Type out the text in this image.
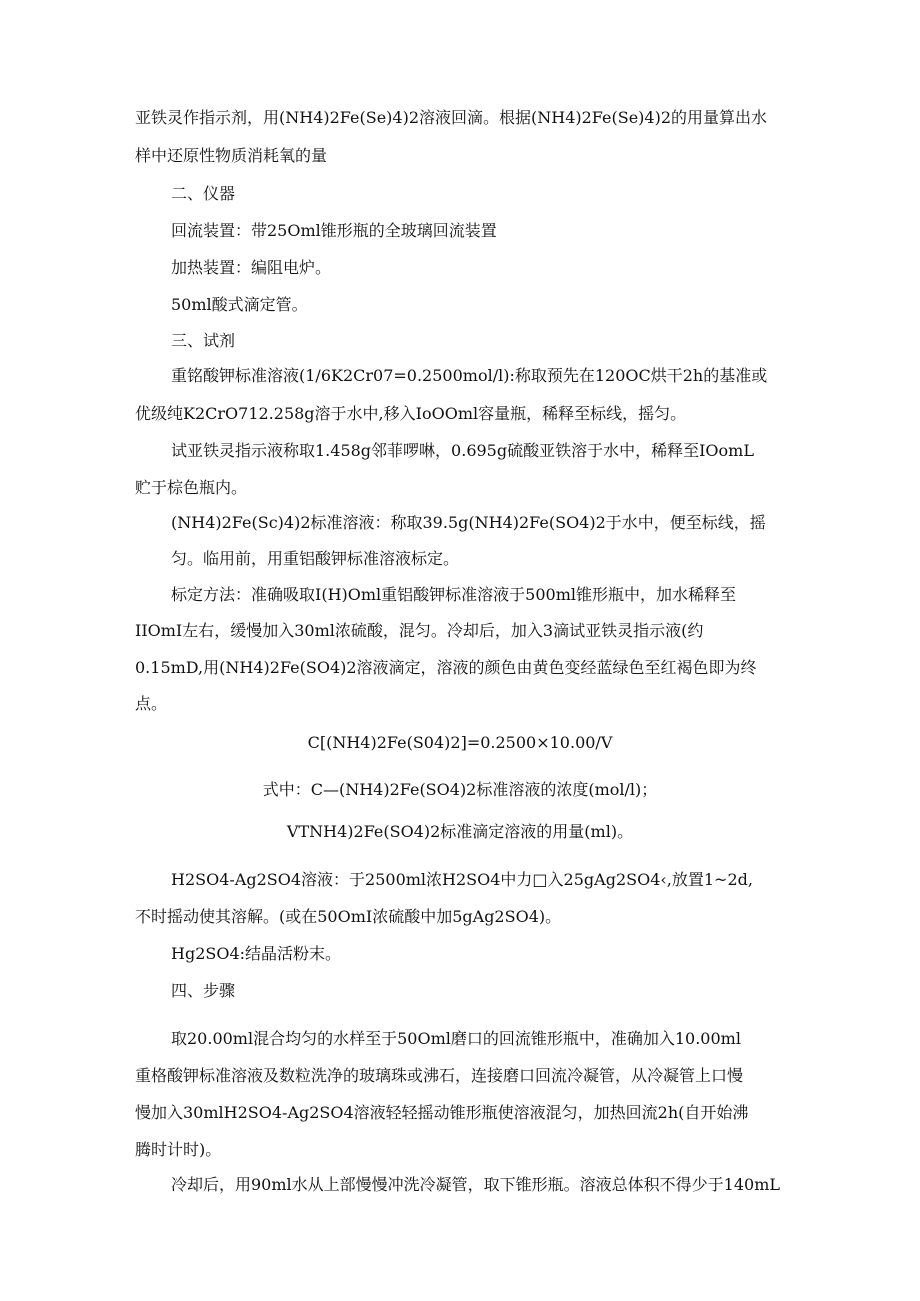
亚铁灵作指示剂，用(NH4)2Fe(Se)4)2溶液回滴。根据(NH4)2Fe(Se)4)2的用量算出水
样中还原性物质消耗氧的量
二、仪器
回流装置：带25Oml锥形瓶的全玻璃回流装置
加热装置：编阻电炉。
50ml酸式滴定管。
三、试剂
重铭酸钾标准溶液(1/6K2Cr07=0.2500mol/l):称取预先在120OC烘干2h的基准或
优级纯K2CrO712.258g溶于水中,移入IoOOml容量瓶，稀释至标线，摇匀。
试亚铁灵指示液称取1.458g邻菲啰啉，0.695g硫酸亚铁溶于水中，稀释至IOomL
贮于棕色瓶内。
(NH4)2Fe(Sc)4)2标准溶液：称取39.5g(NH4)2Fe(SO4)2于水中，便至标线，摇
匀。临用前，用重铝酸钾标准溶液标定。
标定方法：准确吸取I(H)Oml重铝酸钾标准溶液于500ml锥形瓶中，加水稀释至
IIOmI左右，缓慢加入30ml浓硫酸，混匀。冷却后，加入3滴试亚铁灵指示液(约
0.15mD,用(NH4)2Fe(SO4)2溶液滴定，溶液的颜色由黄色变经蓝绿色至红褐色即为终
点。
C[(NH4)2Fe(S04)2]=0.2500×10.00/V
式中：C—(NH4)2Fe(SO4)2标准溶液的浓度(mol/l)；
VTNH4)2Fe(SO4)2标准滴定溶液的用量(ml)。
H2SO4-Ag2SO4溶液：于2500ml浓H2SO4中力□入25gAg2SO4‹,放置1~2d,
不时摇动使其溶解。(或在50OmI浓硫酸中加5gAg2SO4)。
Hg2SO4:结晶活粉末。
四、步骤
取20.00ml混合均匀的水样至于50Oml磨口的回流锥形瓶中，准确加入10.00ml
重格酸钾标准溶液及数粒洗净的玻璃珠或沸石，连接磨口回流冷凝管，从冷凝管上口慢
慢加入30mlH2SO4-Ag2SO4溶液轻轻摇动锥形瓶使溶液混匀，加热回流2h(自开始沸
腾时计时)。
冷却后，用90ml水从上部慢慢冲洗冷凝管，取下锥形瓶。溶液总体积不得少于140mL
